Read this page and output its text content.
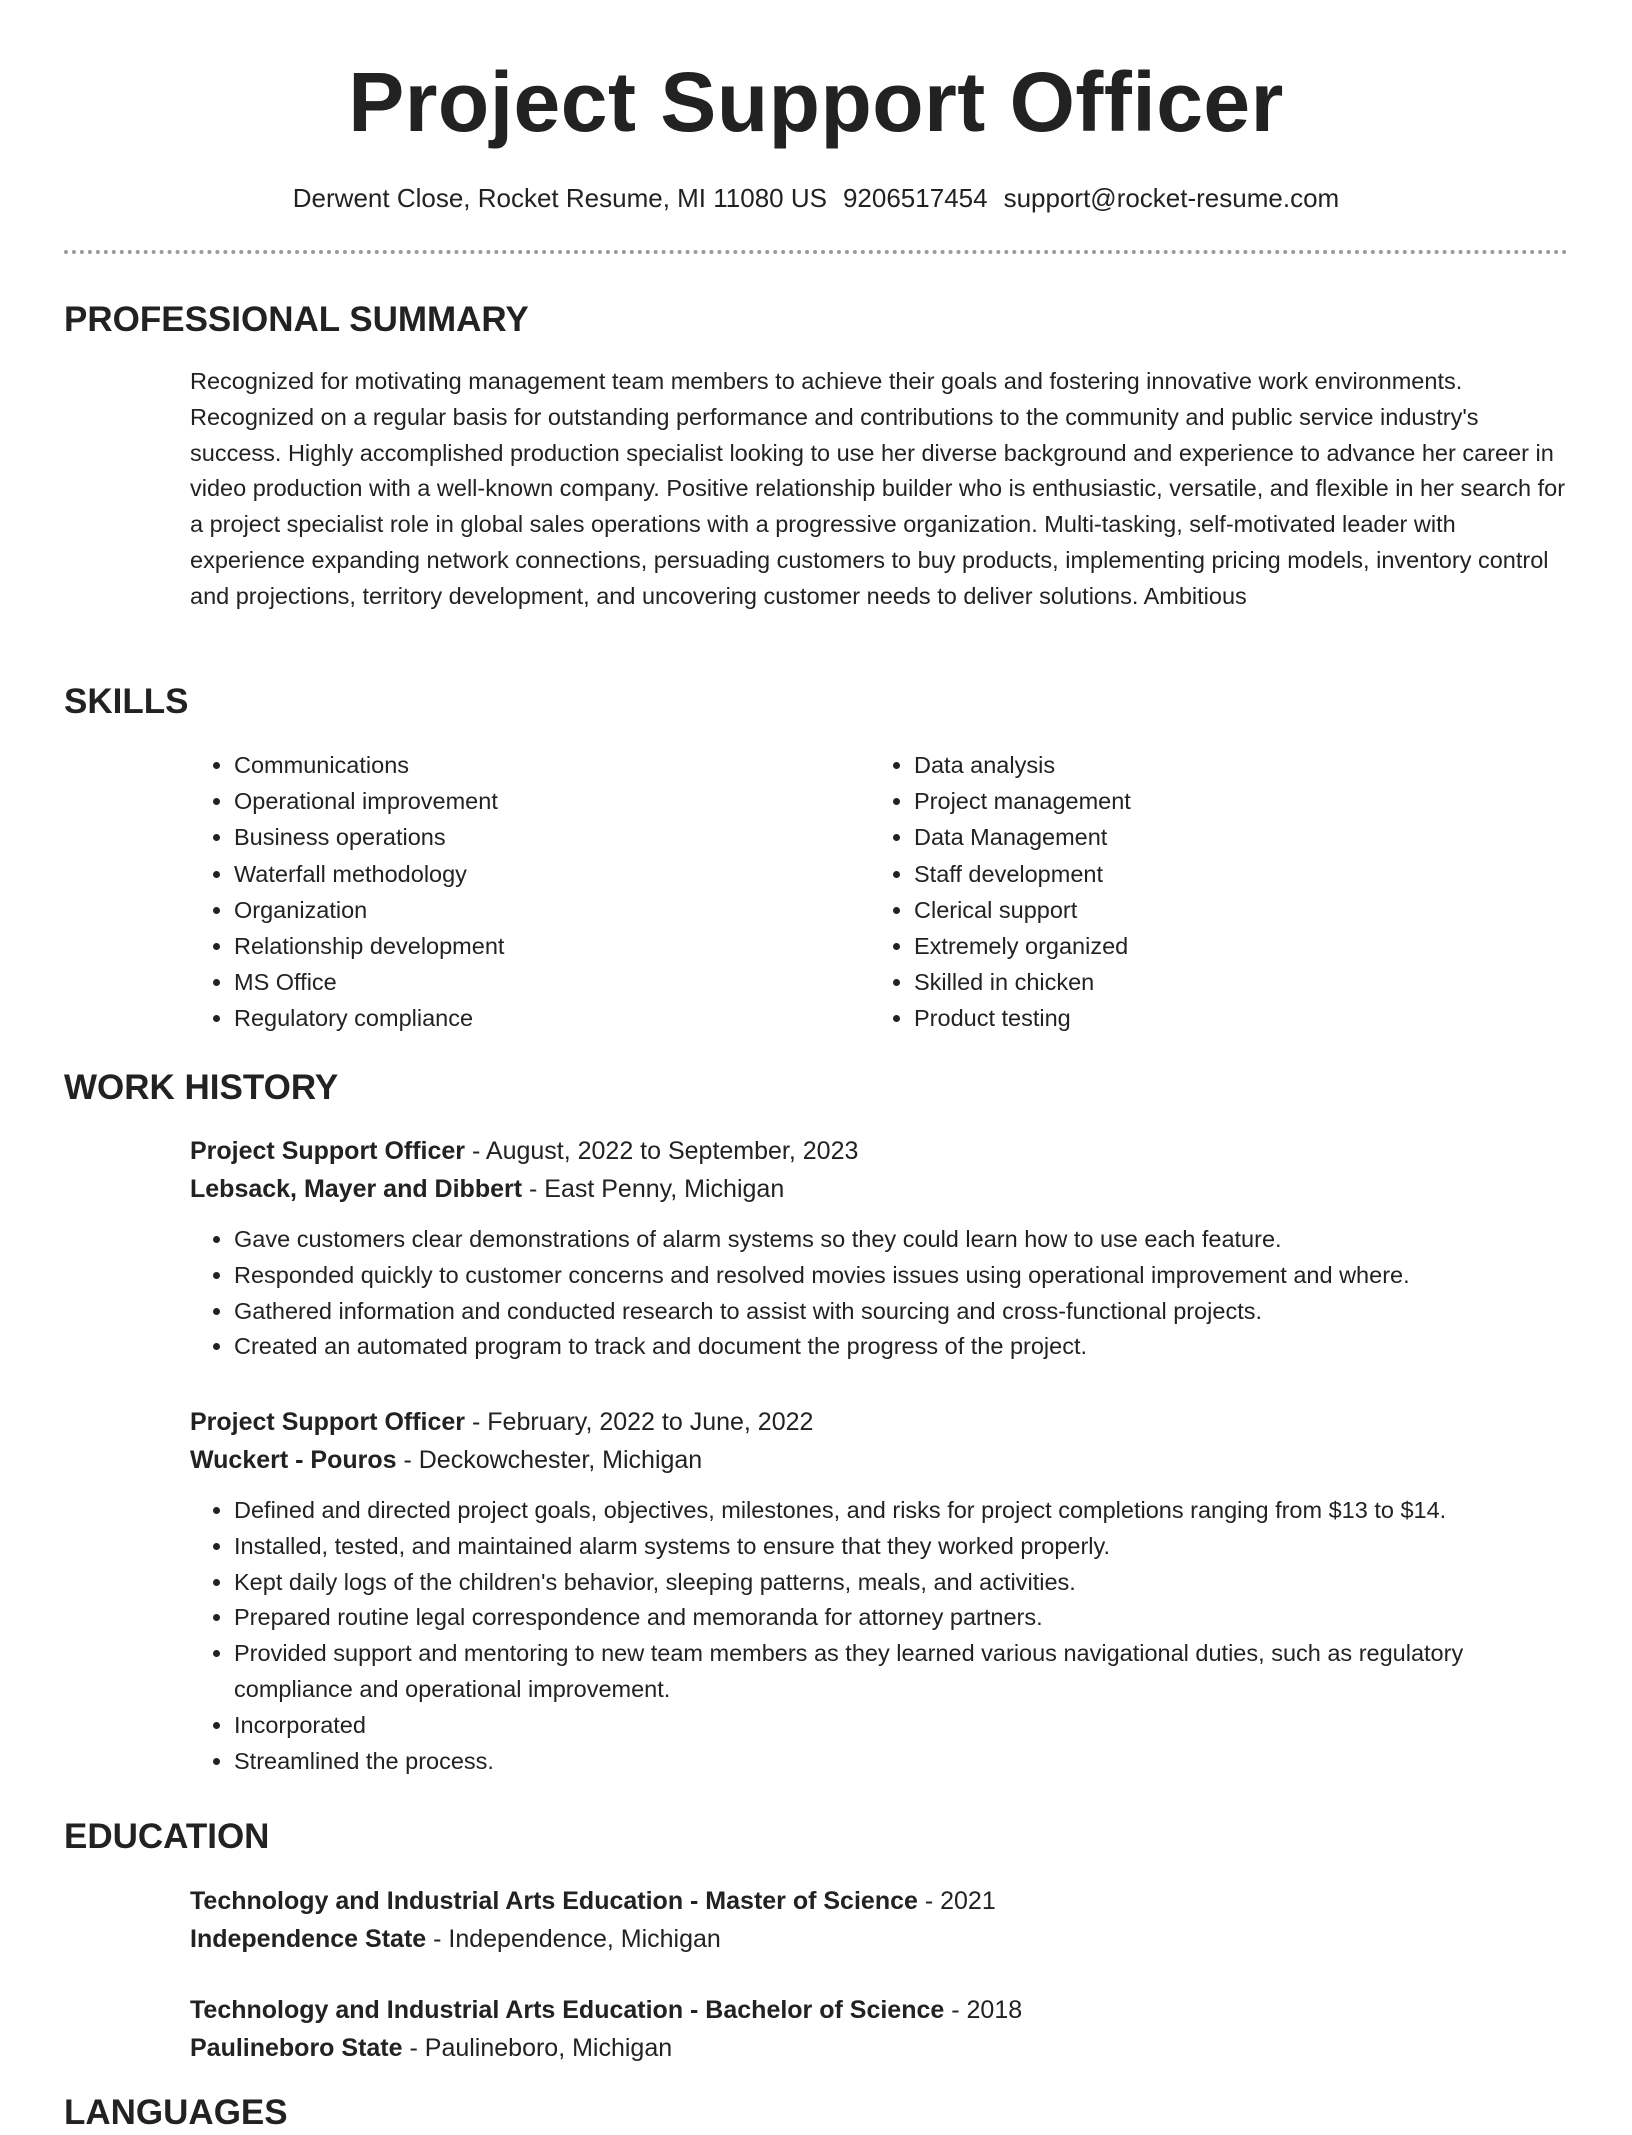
Project Support Officer
Derwent Close, Rocket Resume, MI 11080 US 9206517454 support@rocket-resume.com
PROFESSIONAL SUMMARY

Recognized for motivating management team members to achieve their goals and fostering innovative work environments. Recognized on a regular basis for outstanding performance and contributions to the community and public service industry's success. Highly accomplished production specialist looking to use her diverse background and experience to advance her career in video production with a well-known company. Positive relationship builder who is enthusiastic, versatile, and flexible in her search for a project specialist role in global sales operations with a progressive organization. Multi-tasking, self-motivated leader with experience expanding network connections, persuading customers to buy products, implementing pricing models, inventory control and projections, territory development, and uncovering customer needs to deliver solutions. Ambitious

SKILLS
• Communications
• Operational improvement
• Business operations
• Waterfall methodology
• Organization
• Relationship development
• MS Office
• Regulatory compliance
• Data analysis
• Project management
• Data Management
• Staff development
• Clerical support
• Extremely organized
• Skilled in chicken
• Product testing
WORK HISTORY
Project Support Officer - August, 2022 to September, 2023
Lebsack, Mayer and Dibbert - East Penny, Michigan
• Gave customers clear demonstrations of alarm systems so they could learn how to use each feature.
• Responded quickly to customer concerns and resolved movies issues using operational improvement and where.
• Gathered information and conducted research to assist with sourcing and cross-functional projects.
• Created an automated program to track and document the progress of the project.
Project Support Officer - February, 2022 to June, 2022
Wuckert - Pouros - Deckowchester, Michigan
• Defined and directed project goals, objectives, milestones, and risks for project completions ranging from $13 to $14.
• Installed, tested, and maintained alarm systems to ensure that they worked properly.
• Kept daily logs of the children's behavior, sleeping patterns, meals, and activities.
• Prepared routine legal correspondence and memoranda for attorney partners.
• Provided support and mentoring to new team members as they learned various navigational duties, such as regulatory compliance and operational improvement.
• Incorporated
• Streamlined the process.
EDUCATION
Technology and Industrial Arts Education - Master of Science - 2021
Independence State - Independence, Michigan
Technology and Industrial Arts Education - Bachelor of Science - 2018
Paulineboro State - Paulineboro, Michigan
LANGUAGES
